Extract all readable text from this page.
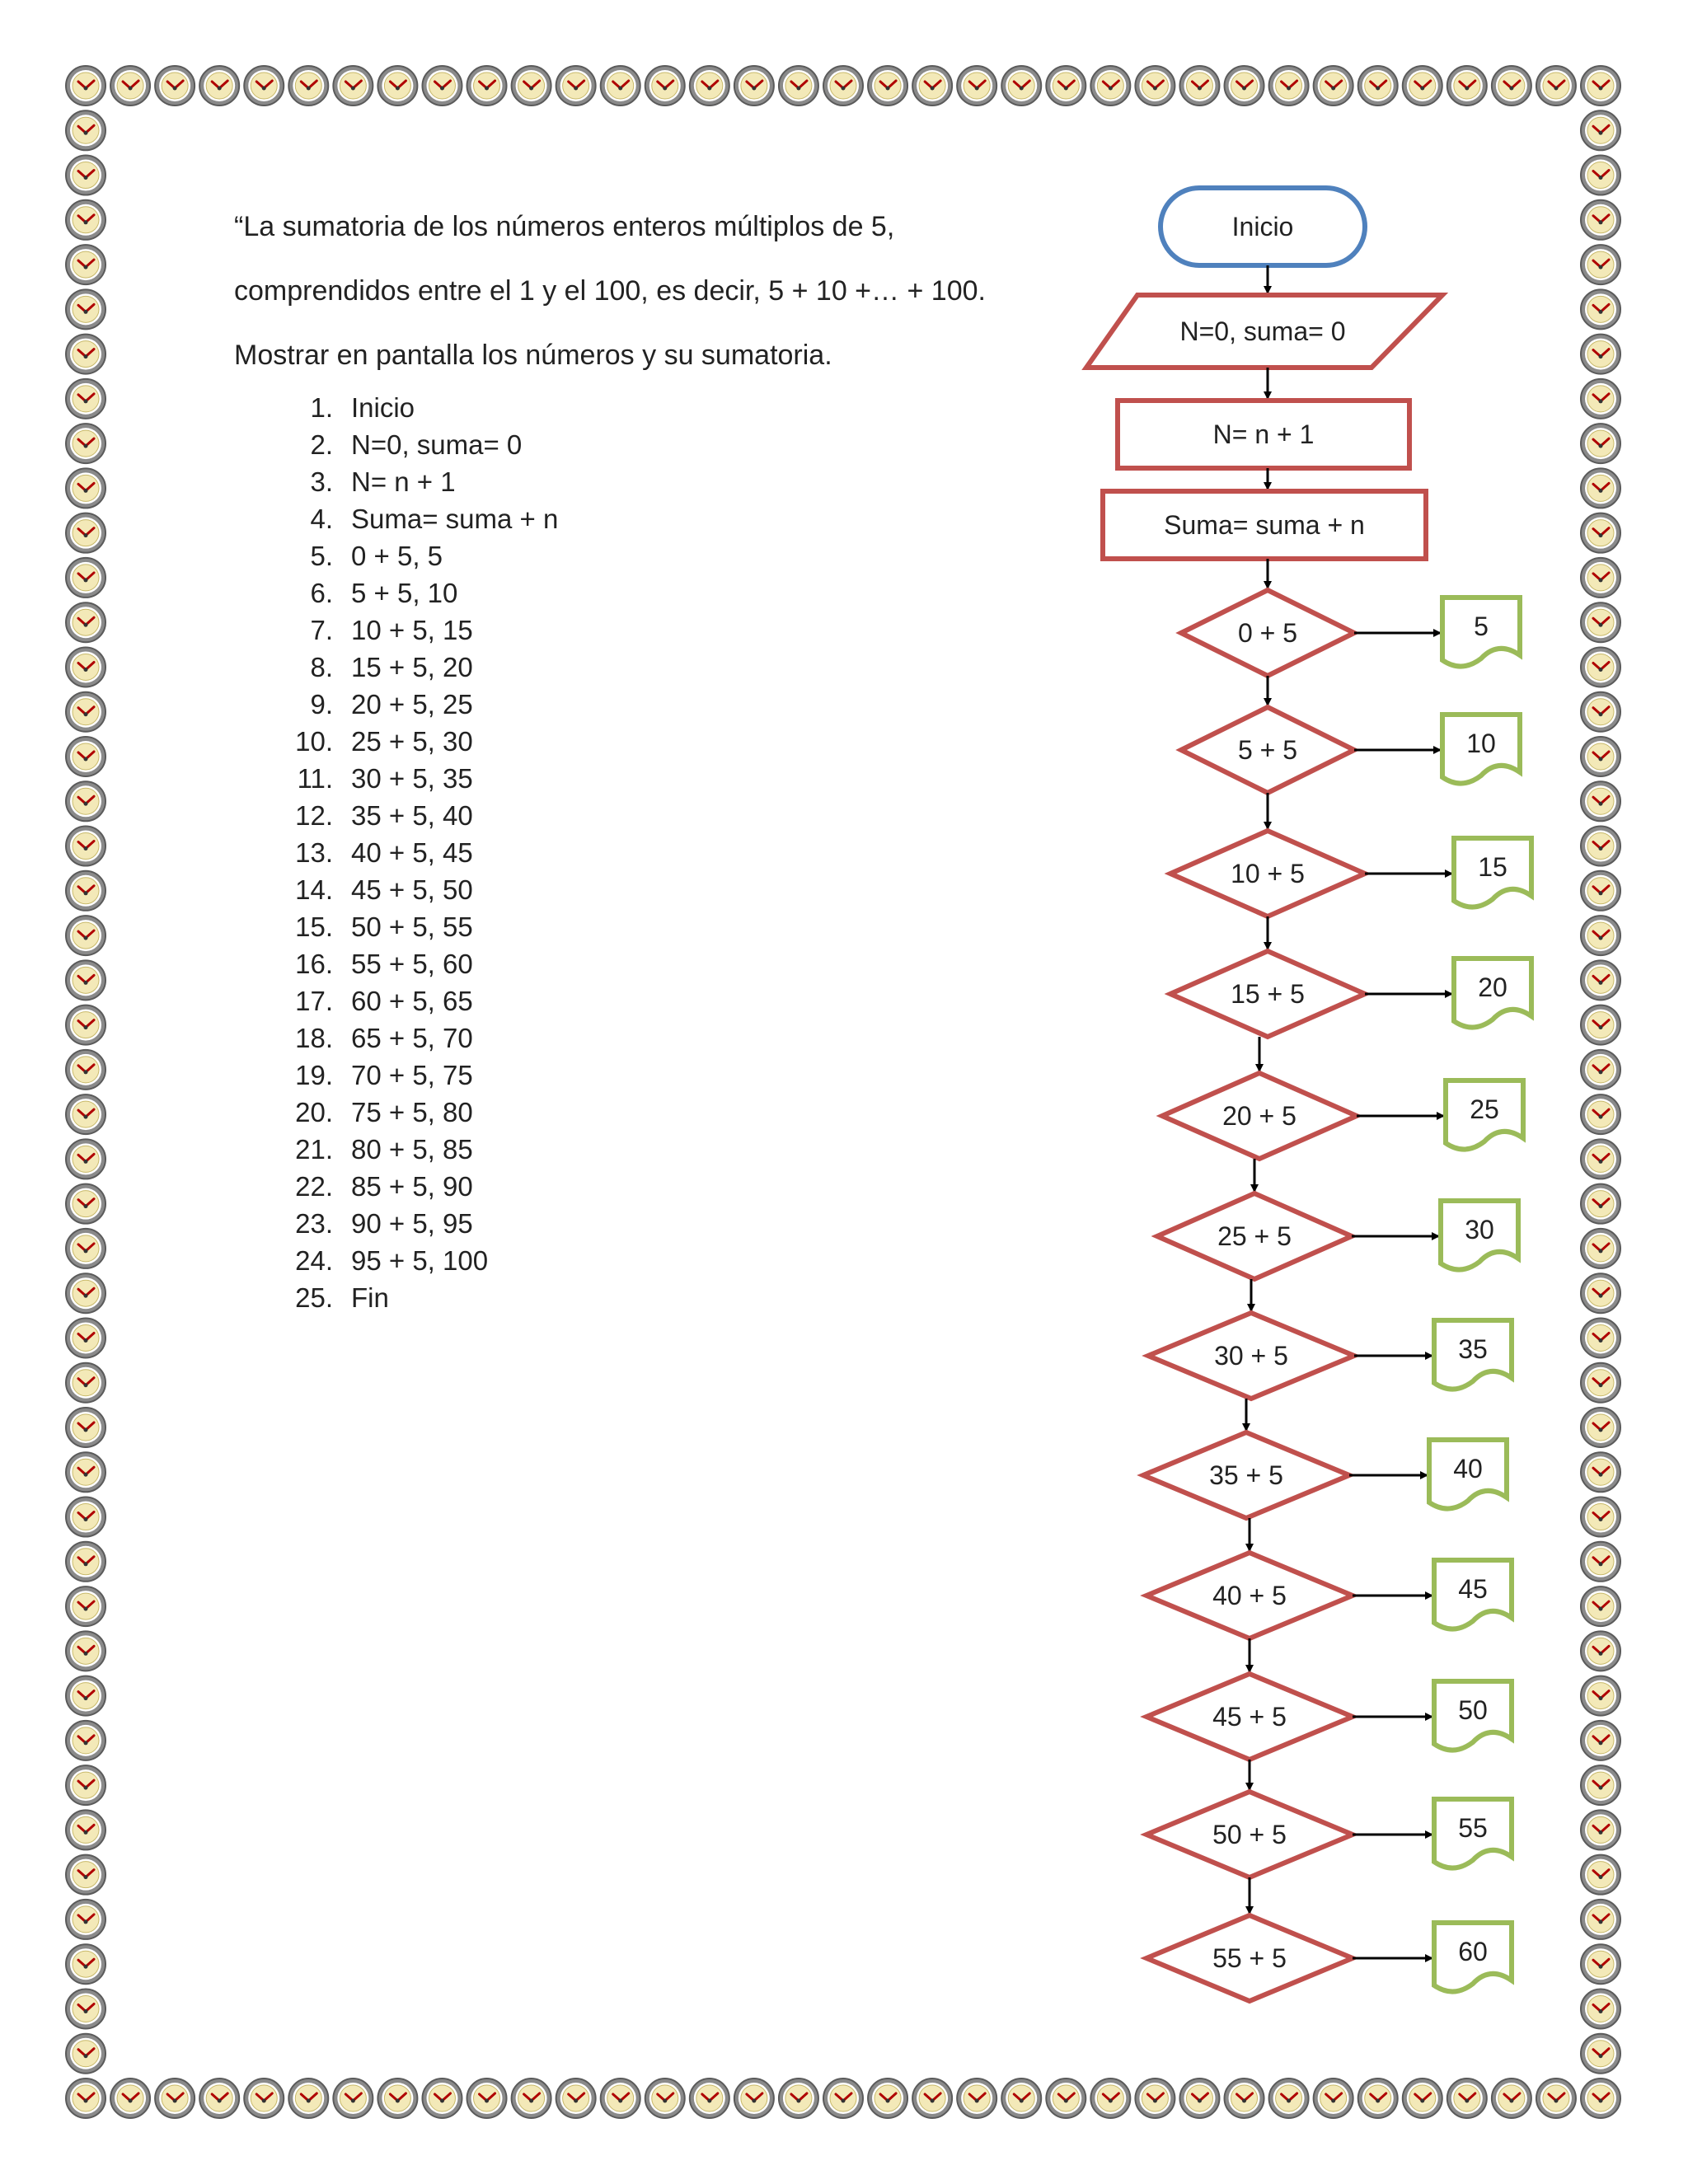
“La sumatoria de los números enteros múltiplos de 5,
comprendidos entre el 1 y el 100, es decir, 5 + 10 +… + 100.
Mostrar en pantalla los números y su sumatoria.
1. Inicio
2. N=0, suma= 0
3. N= n + 1
4. Suma= suma + n
5. 0 + 5, 5
6. 5 + 5, 10
7. 10 + 5, 15
8. 15 + 5, 20
9. 20 + 5, 25
10. 25 + 5, 30
11. 30 + 5, 35
12. 35 + 5, 40
13. 40 + 5, 45
14. 45 + 5, 50
15. 50 + 5, 55
16. 55 + 5, 60
17. 60 + 5, 65
18. 65 + 5, 70
19. 70 + 5, 75
20. 75 + 5, 80
21. 80 + 5, 85
22. 85 + 5, 90
23. 90 + 5, 95
24. 95 + 5, 100
25. Fin
Inicio
N=0, suma= 0
N= n + 1
Suma= suma + n
0 + 5	5
5 + 5	10
10 + 5	15
15 + 5	20
20 + 5	25
25 + 5	30
30 + 5	35
35 + 5	40
40 + 5	45
45 + 5	50
50 + 5	55
55 + 5	60
